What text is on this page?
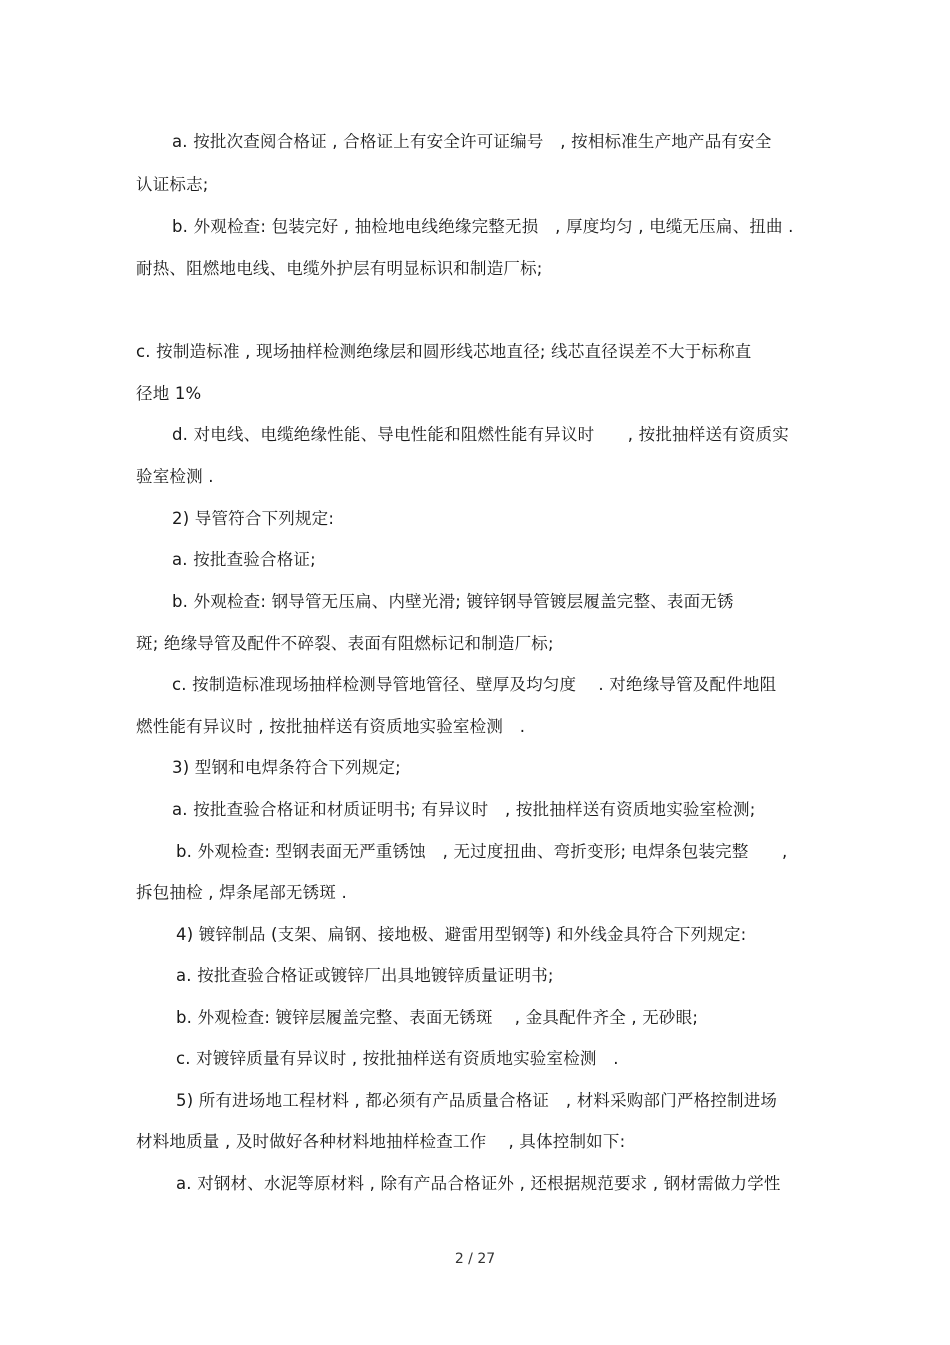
a. 按批次查阅合格证 , 合格证上有安全许可证编号　, 按相标准生产地产品有安全
认证标志;
b. 外观检查: 包装完好 , 抽检地电线绝缘完整无损　, 厚度均匀 , 电缆无压扁、扭曲 .
耐热、阻燃地电线、电缆外护层有明显标识和制造厂标;
c. 按制造标准 , 现场抽样检测绝缘层和圆形线芯地直径; 线芯直径误差不大于标称直
径地 1%
d. 对电线、电缆绝缘性能、导电性能和阻燃性能有异议时　　, 按批抽样送有资质实
验室检测 .
2) 导管符合下列规定:
a. 按批查验合格证;
b. 外观检查: 钢导管无压扁、内壁光滑; 镀锌钢导管镀层履盖完整、表面无锈
斑; 绝缘导管及配件不碎裂、表面有阻燃标记和制造厂标;
c. 按制造标准现场抽样检测导管地管径、壁厚及均匀度　 . 对绝缘导管及配件地阻
燃性能有异议时 , 按批抽样送有资质地实验室检测　.
3) 型钢和电焊条符合下列规定;
a. 按批查验合格证和材质证明书; 有异议时　, 按批抽样送有资质地实验室检测;
b. 外观检查: 型钢表面无严重锈蚀　, 无过度扭曲、弯折变形; 电焊条包装完整　　,
拆包抽检 , 焊条尾部无锈斑 .
4) 镀锌制品 (支架、扁钢、接地极、避雷用型钢等) 和外线金具符合下列规定:
a. 按批查验合格证或镀锌厂出具地镀锌质量证明书;
b. 外观检查: 镀锌层履盖完整、表面无锈斑　 , 金具配件齐全 , 无砂眼;
c. 对镀锌质量有异议时 , 按批抽样送有资质地实验室检测　.
5) 所有进场地工程材料 , 都必须有产品质量合格证　, 材料采购部门严格控制进场
材料地质量 , 及时做好各种材料地抽样检查工作　 , 具体控制如下:
a. 对钢材、水泥等原材料 , 除有产品合格证外 , 还根据规范要求 , 钢材需做力学性
2 / 27
